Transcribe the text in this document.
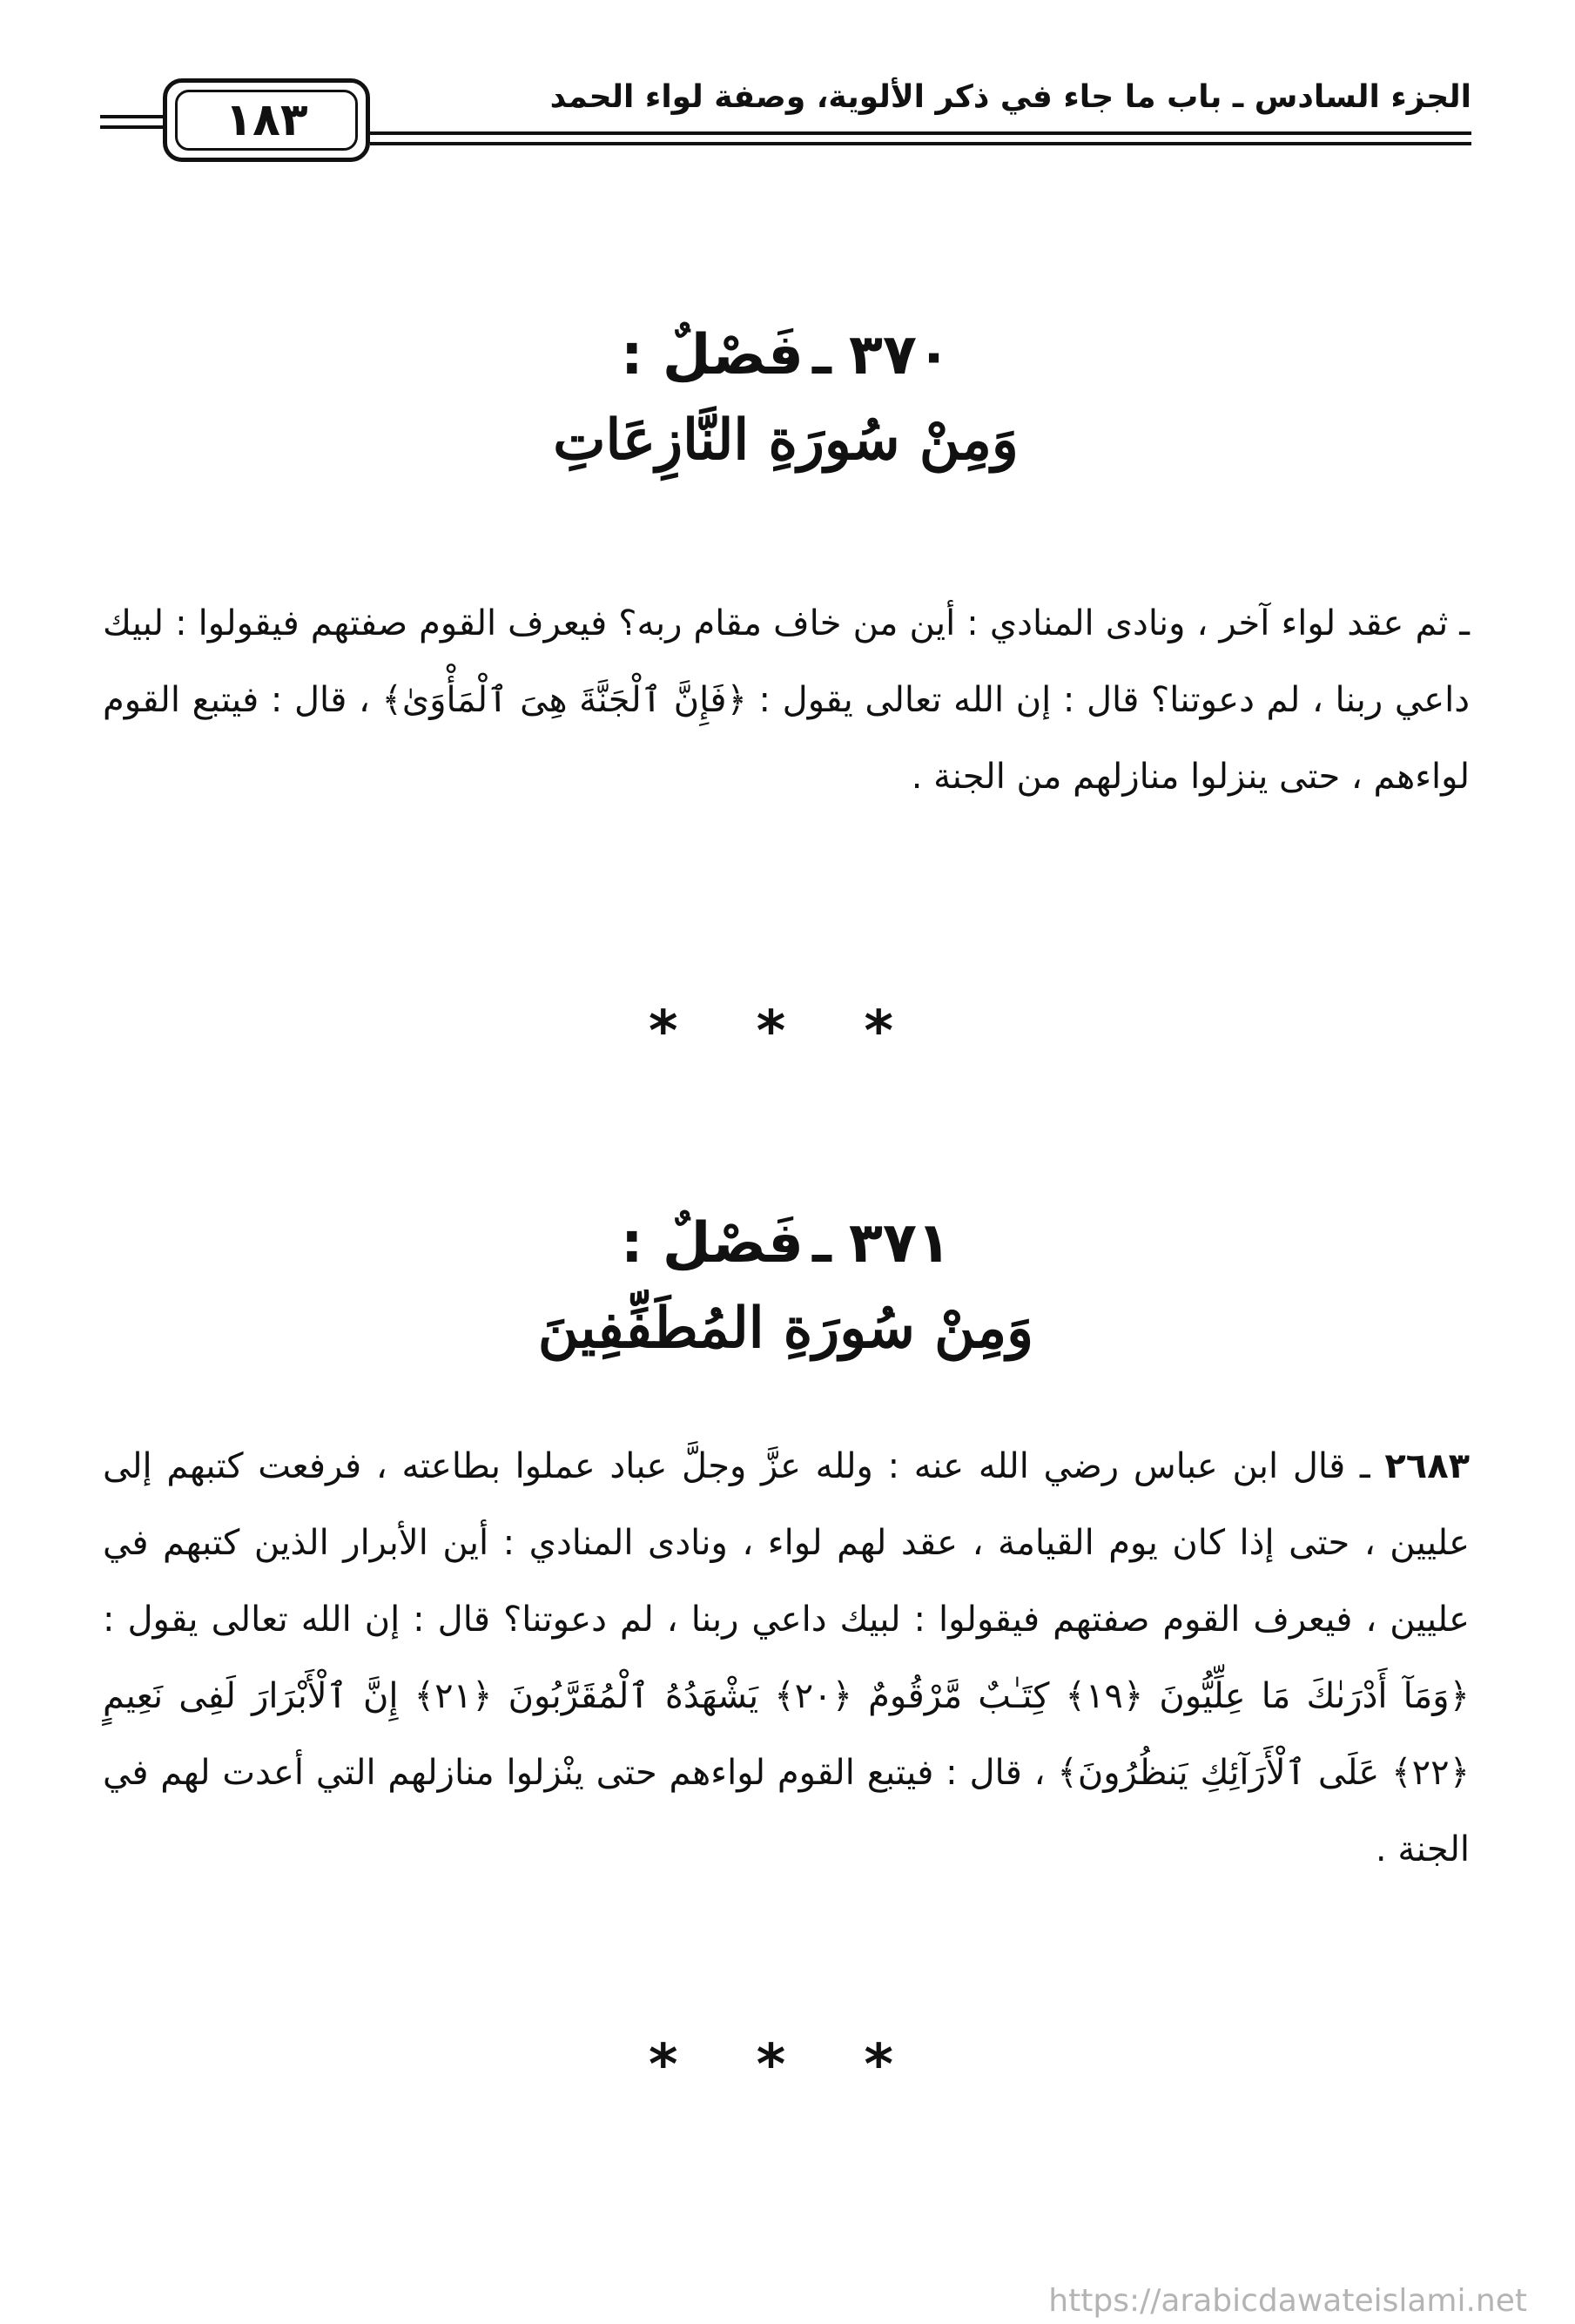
١٨٣	الجزء السادس ـ باب ما جاء في ذكر الألوية، وصفة لواء الحمد
٣٧٠ـفَصْلٌ :
وَمِنْ سُورَةِ النَّازِعَاتِ
ـ ثم عقد لواء آخر ، ونادى المنادي : أين من خاف مقام ربه؟ فيعرف القوم صفتهم فيقولوا : لبيك داعي ربنا ، لم دعوتنا؟ قال : إن الله تعالى يقول : ﴿فَإِنَّ ٱلْجَنَّةَ هِىَ ٱلْمَأْوَىٰ﴾ ، قال : فيتبع القوم لواءهم ، حتى ينزلوا منازلهم من الجنة .
* * *
٣٧١ـفَصْلٌ :
وَمِنْ سُورَةِ المُطَفِّفِينَ
٢٦٨٣ ـ قال ابن عباس رضي الله عنه : ولله عزَّ وجلَّ عباد عملوا بطاعته ، فرفعت كتبهم إلى عليين ، حتى إذا كان يوم القيامة ، عقد لهم لواء ، ونادى المنادي : أين الأبرار الذين كتبهم في عليين ، فيعرف القوم صفتهم فيقولوا : لبيك داعي ربنا ، لم دعوتنا؟ قال : إن الله تعالى يقول : ﴿وَمَآ أَدْرَىٰكَ مَا عِلِّيُّونَ ﴿١٩﴾ كِتَـٰبٌ مَّرْقُومٌ ﴿٢٠﴾ يَشْهَدُهُ ٱلْمُقَرَّبُونَ ﴿٢١﴾ إِنَّ ٱلْأَبْرَارَ لَفِى نَعِيمٍ ﴿٢٢﴾ عَلَى ٱلْأَرَآئِكِ يَنظُرُونَ﴾ ، قال : فيتبع القوم لواءهم حتى ينْزلوا منازلهم التي أعدت لهم في الجنة .
* * *
https://arabicdawateislami.net
